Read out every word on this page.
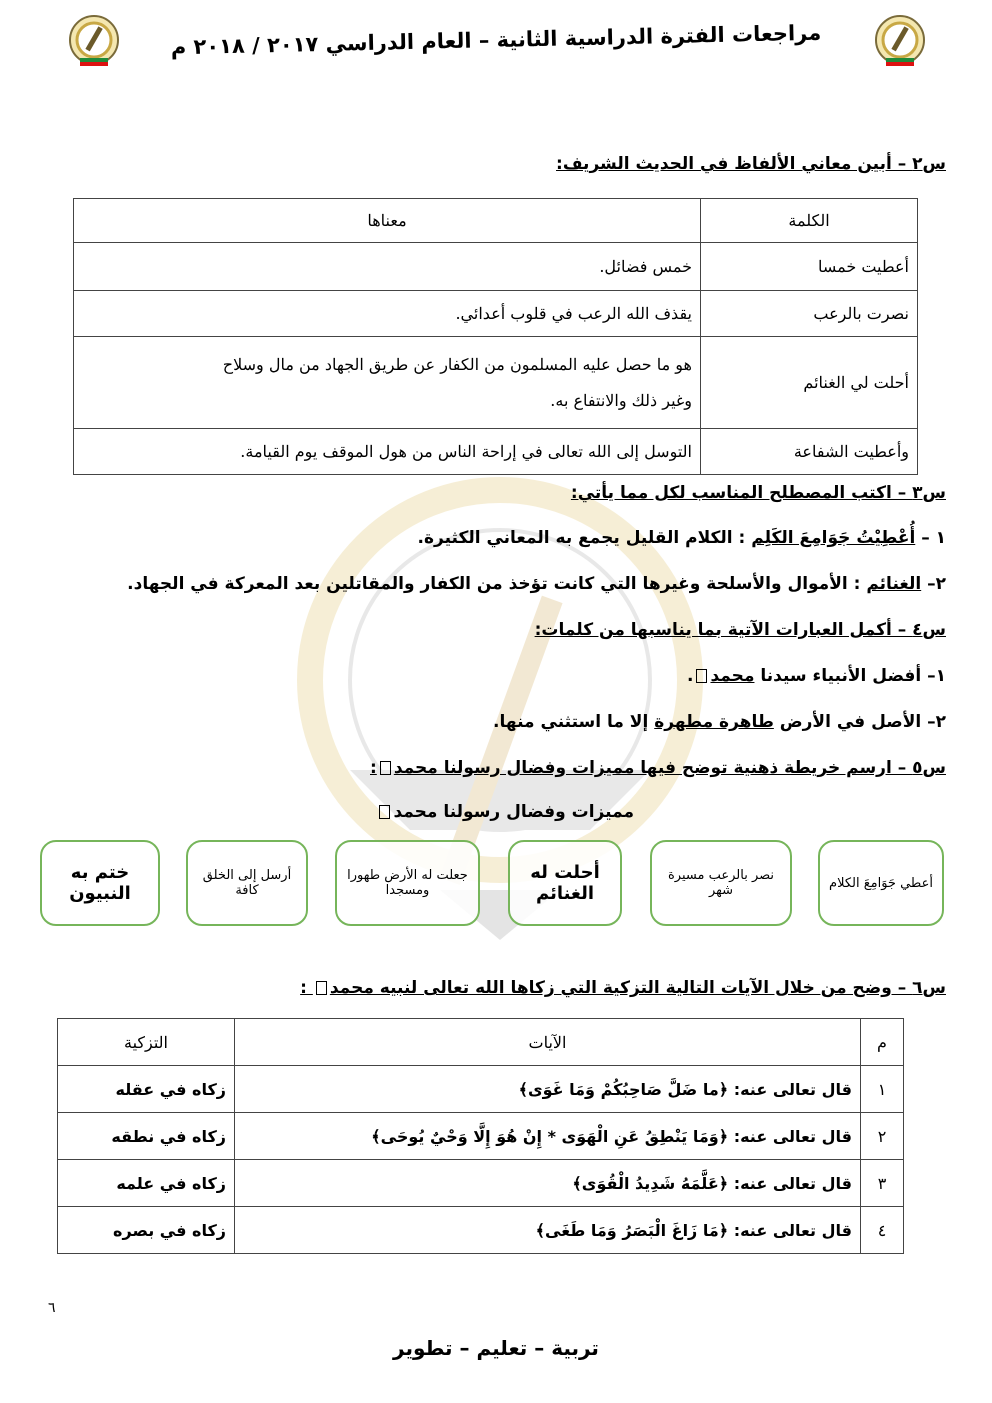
مراجعات الفترة الدراسية الثانية – العام الدراسي ٢٠١٧ / ٢٠١٨ م
س٢ – أبين معاني الألفاظ في الحديث الشريف:
الكلمة	معناها
أعطيت خمسا	خمس فضائل.
نصرت بالرعب	يقذف الله الرعب في قلوب أعدائي.
أحلت لي الغنائم	هو ما حصل عليه المسلمون من الكفار عن طريق الجهاد من مال وسلاح
وغير ذلك والانتفاع به.

وأعطيت الشفاعة	التوسل إلى الله تعالى في إراحة الناس من هول الموقف يوم القيامة.
س٣ – اكتب المصطلح المناسب لكل مما يأتي:
١ – أُعْطِيْتُ جَوَامِعَ الكَلِم : الكلام القليل يجمع به المعاني الكثيرة.
٢– الغنائم : الأموال والأسلحة وغيرها التي كانت تؤخذ من الكفار والمقاتلين بعد المعركة في الجهاد.
س٤ – أكمل العبارات الآتية بما يناسبها من كلمات:
١– أفضل الأنبياء سيدنا محمد.
٢– الأصل في الأرض طاهرة مطهرة إلا ما استثني منها.
س٥ – ارسم خريطة ذهنية توضح فيها مميزات وفضال رسولنا محمد:
مميزات وفضال رسولنا محمد
أعطي جَوَامِعَ الكلام
نصر بالرعب مسيرة شهر
أحلت له الغنائم
جعلت له الأرض طهورا ومسجدا
أرسل إلى الخلق كافة
ختم به النبيون
س٦ – وضح من خلال الآيات التالية التزكية التي زكاها الله تعالى لنبيه محمد :
م	الآيات	التزكية
١	قال تعالى عنه: ﴿ما ضَلَّ صَاحِبُكُمْ وَمَا غَوَى﴾	زكاه في عقله
٢	قال تعالى عنه: ﴿وَمَا يَنْطِقُ عَنِ الْهَوَى * إِنْ هُوَ إِلَّا وَحْيٌ يُوحَى﴾	زكاه في نطقه
٣	قال تعالى عنه: ﴿عَلَّمَهُ شَدِيدُ الْقُوَى﴾	زكاه في علمه
٤	قال تعالى عنه: ﴿مَا زَاغَ الْبَصَرُ وَمَا طَغَى﴾	زكاه في بصره
٦
تربية – تعليم – تطوير
